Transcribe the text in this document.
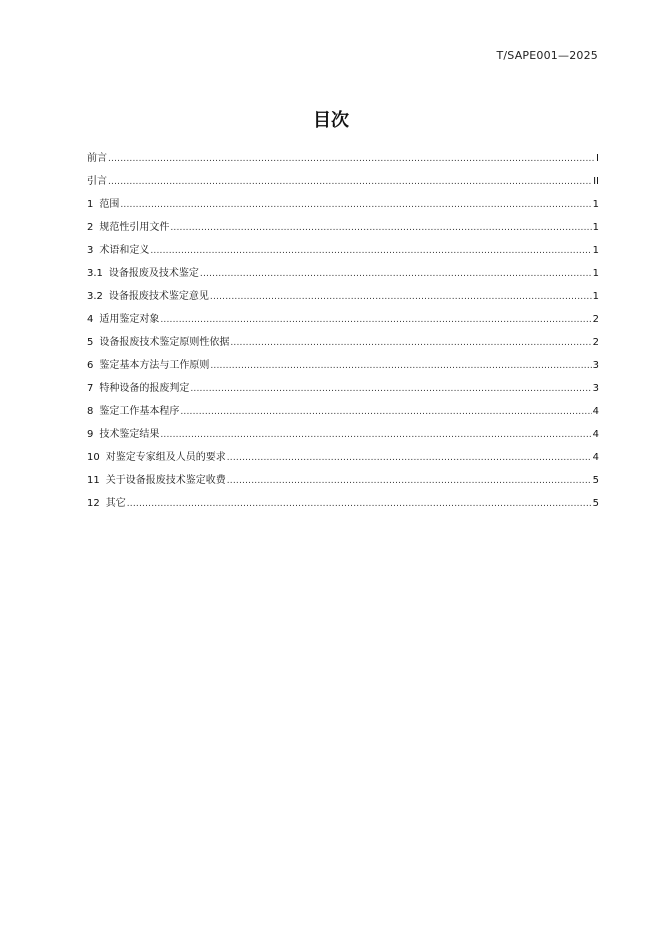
T/SAPE001—2025
目次
前言 .....	I
引言 .....	II
1 范围 .....	1
2 规范性引用文件 .....	1
3 术语和定义 .....	1
3.1 设备报废及技术鉴定 .....	1
3.2 设备报废技术鉴定意见 .....	1
4 适用鉴定对象 .....	2
5 设备报废技术鉴定原则性依据 .....	2
6 鉴定基本方法与工作原则 .....	3
7 特种设备的报废判定 .....	3
8 鉴定工作基本程序 .....	4
9 技术鉴定结果 .....	4
10 对鉴定专家组及人员的要求 .....	4
11 关于设备报废技术鉴定收费 .....	5
12 其它 .....	5
